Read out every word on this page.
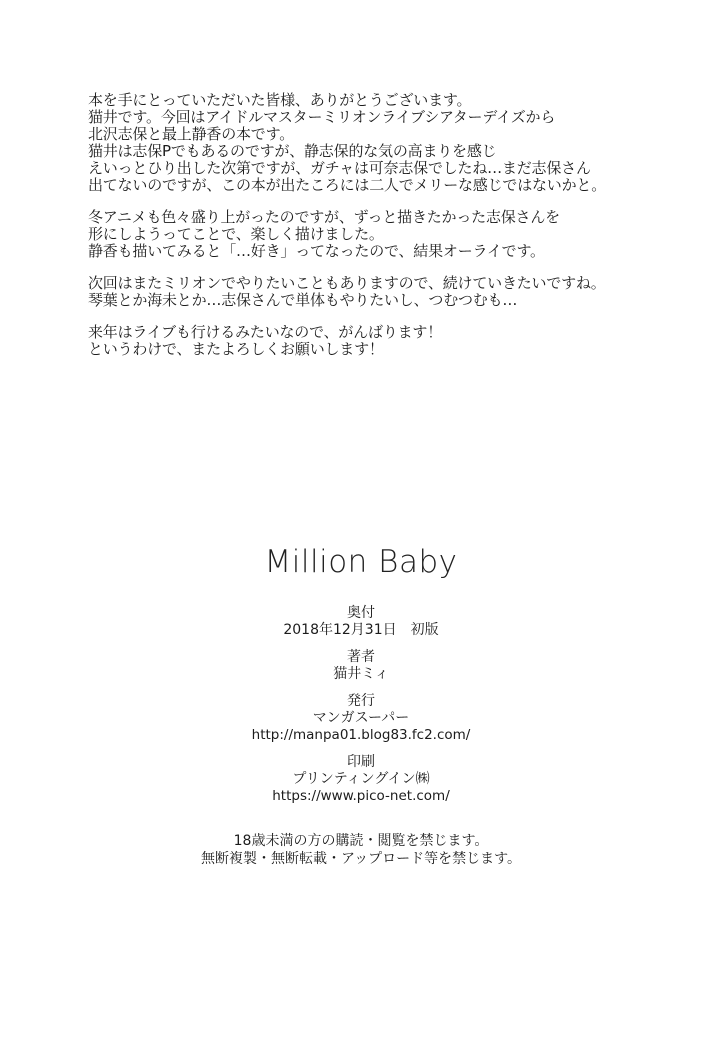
本を手にとっていただいた皆様、ありがとうございます。
猫井です。今回はアイドルマスターミリオンライブシアターデイズから
北沢志保と最上静香の本です。
猫井は志保Pでもあるのですが、静志保的な気の高まりを感じ
えいっとひり出した次第ですが、ガチャは可奈志保でしたね…まだ志保さん
出てないのですが、この本が出たころには二人でメリーな感じではないかと。
冬アニメも色々盛り上がったのですが、ずっと描きたかった志保さんを
形にしようってことで、楽しく描けました。
静香も描いてみると「…好き」ってなったので、結果オーライです。
次回はまたミリオンでやりたいこともありますので、続けていきたいですね。
琴葉とか海未とか…志保さんで単体もやりたいし、つむつむも…
来年はライブも行けるみたいなので、がんばります！
というわけで、またよろしくお願いします！
Million Baby
奥付
2018年12月31日　初版
著者
猫井ミィ
発行
マンガスーパー
http://manpa01.blog83.fc2.com/
印刷
プリンティングイン㈱
https://www.pico-net.com/
18歳未満の方の購読・閲覧を禁じます。
無断複製・無断転載・アップロード等を禁じます。
